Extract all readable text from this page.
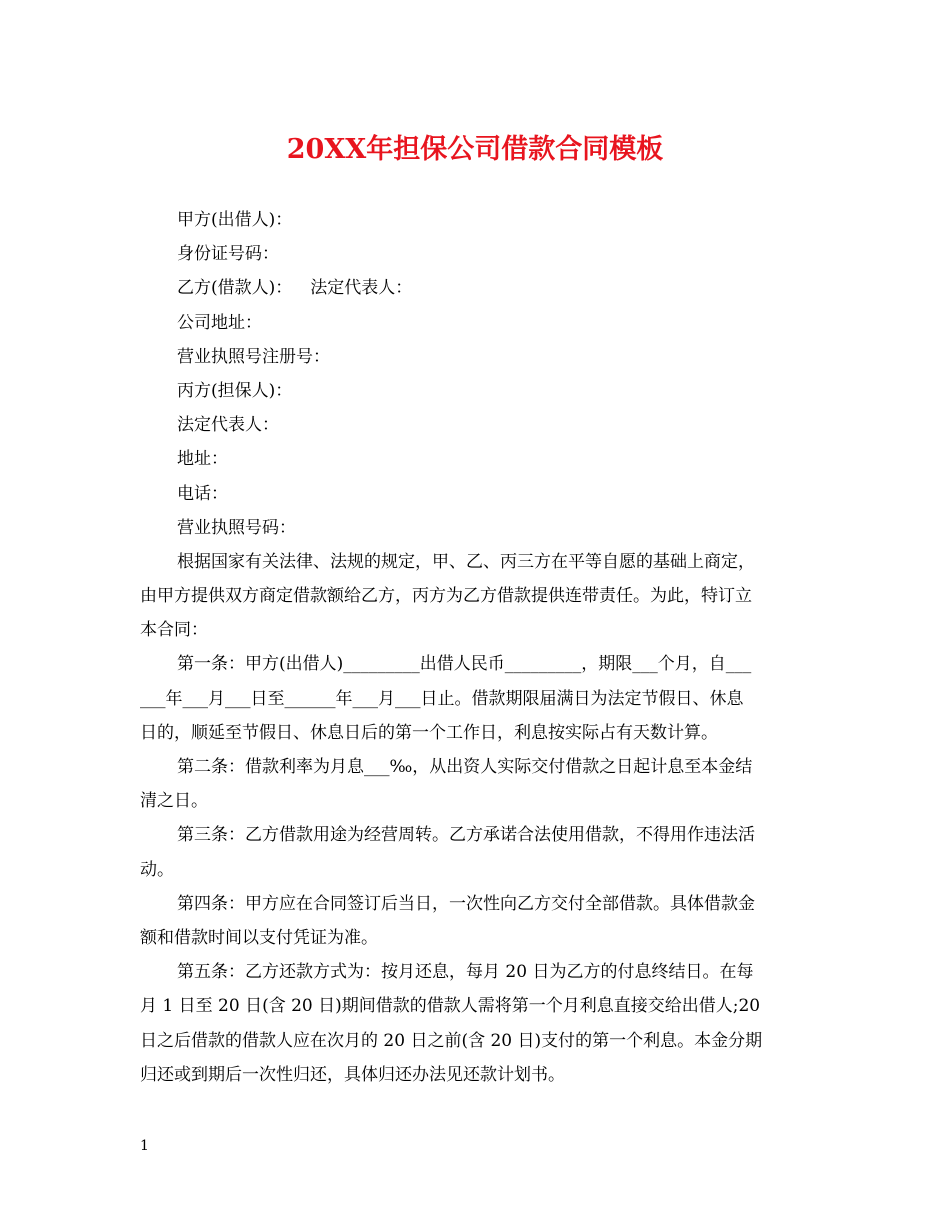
20XX年担保公司借款合同模板
甲方(出借人)：
身份证号码：
乙方(借款人)： 法定代表人：
公司地址：
营业执照号注册号：
丙方(担保人)：
法定代表人：
地址：
电话：
营业执照号码：
根据国家有关法律、法规的规定，甲、乙、丙三方在平等自愿的基础上商定，
由甲方提供双方商定借款额给乙方，丙方为乙方借款提供连带责任。为此，特订立
本合同：
第一条：甲方(出借人)_________出借人民币_________，期限___个月，自___
___年___月___日至______年___月___日止。借款期限届满日为法定节假日、休息
日的，顺延至节假日、休息日后的第一个工作日，利息按实际占有天数计算。
第二条：借款利率为月息___‰，从出资人实际交付借款之日起计息至本金结
清之日。
第三条：乙方借款用途为经营周转。乙方承诺合法使用借款，不得用作违法活
动。
第四条：甲方应在合同签订后当日，一次性向乙方交付全部借款。具体借款金
额和借款时间以支付凭证为准。
第五条：乙方还款方式为：按月还息，每月 20 日为乙方的付息终结日。在每
月 1 日至 20 日(含 20 日)期间借款的借款人需将第一个月利息直接交给出借人;20
日之后借款的借款人应在次月的 20 日之前(含 20 日)支付的第一个利息。本金分期
归还或到期后一次性归还，具体归还办法见还款计划书。
1
